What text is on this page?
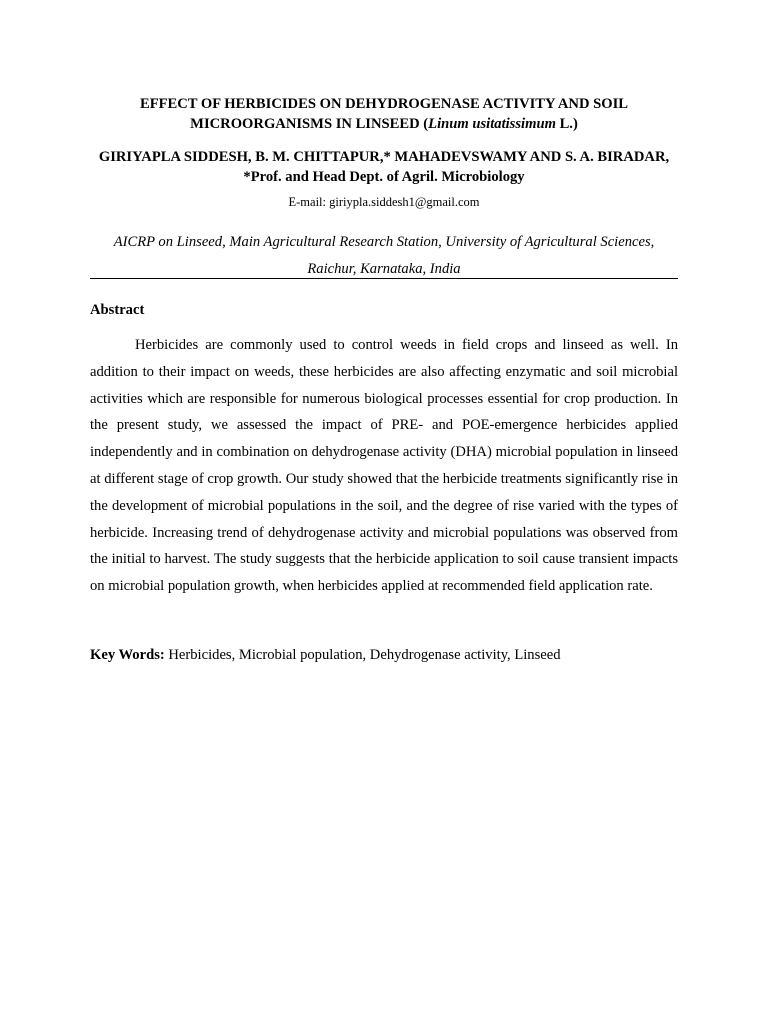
EFFECT OF HERBICIDES ON DEHYDROGENASE ACTIVITY AND SOIL
MICROORGANISMS IN LINSEED (Linum usitatissimum L.)
GIRIYAPLA SIDDESH, B. M. CHITTAPUR,* MAHADEVSWAMY AND S. A. BIRADAR,
*Prof. and Head Dept. of Agril. Microbiology
E-mail: giriypla.siddesh1@gmail.com
AICRP on Linseed, Main Agricultural Research Station, University of Agricultural Sciences,
Raichur, Karnataka, India
Abstract

Herbicides are commonly used to control weeds in field crops and linseed as well. In addition to their impact on weeds, these herbicides are also affecting enzymatic and soil microbial activities which are responsible for numerous biological processes essential for crop production. In the present study, we assessed the impact of PRE- and POE-emergence herbicides applied independently and in combination on dehydrogenase activity (DHA) microbial population in linseed at different stage of crop growth. Our study showed that the herbicide treatments significantly rise in the development of microbial populations in the soil, and the degree of rise varied with the types of herbicide. Increasing trend of dehydrogenase activity and microbial populations was observed from the initial to harvest. The study suggests that the herbicide application to soil cause transient impacts on microbial population growth, when herbicides applied at recommended field application rate.

Key Words: Herbicides, Microbial population, Dehydrogenase activity, Linseed
